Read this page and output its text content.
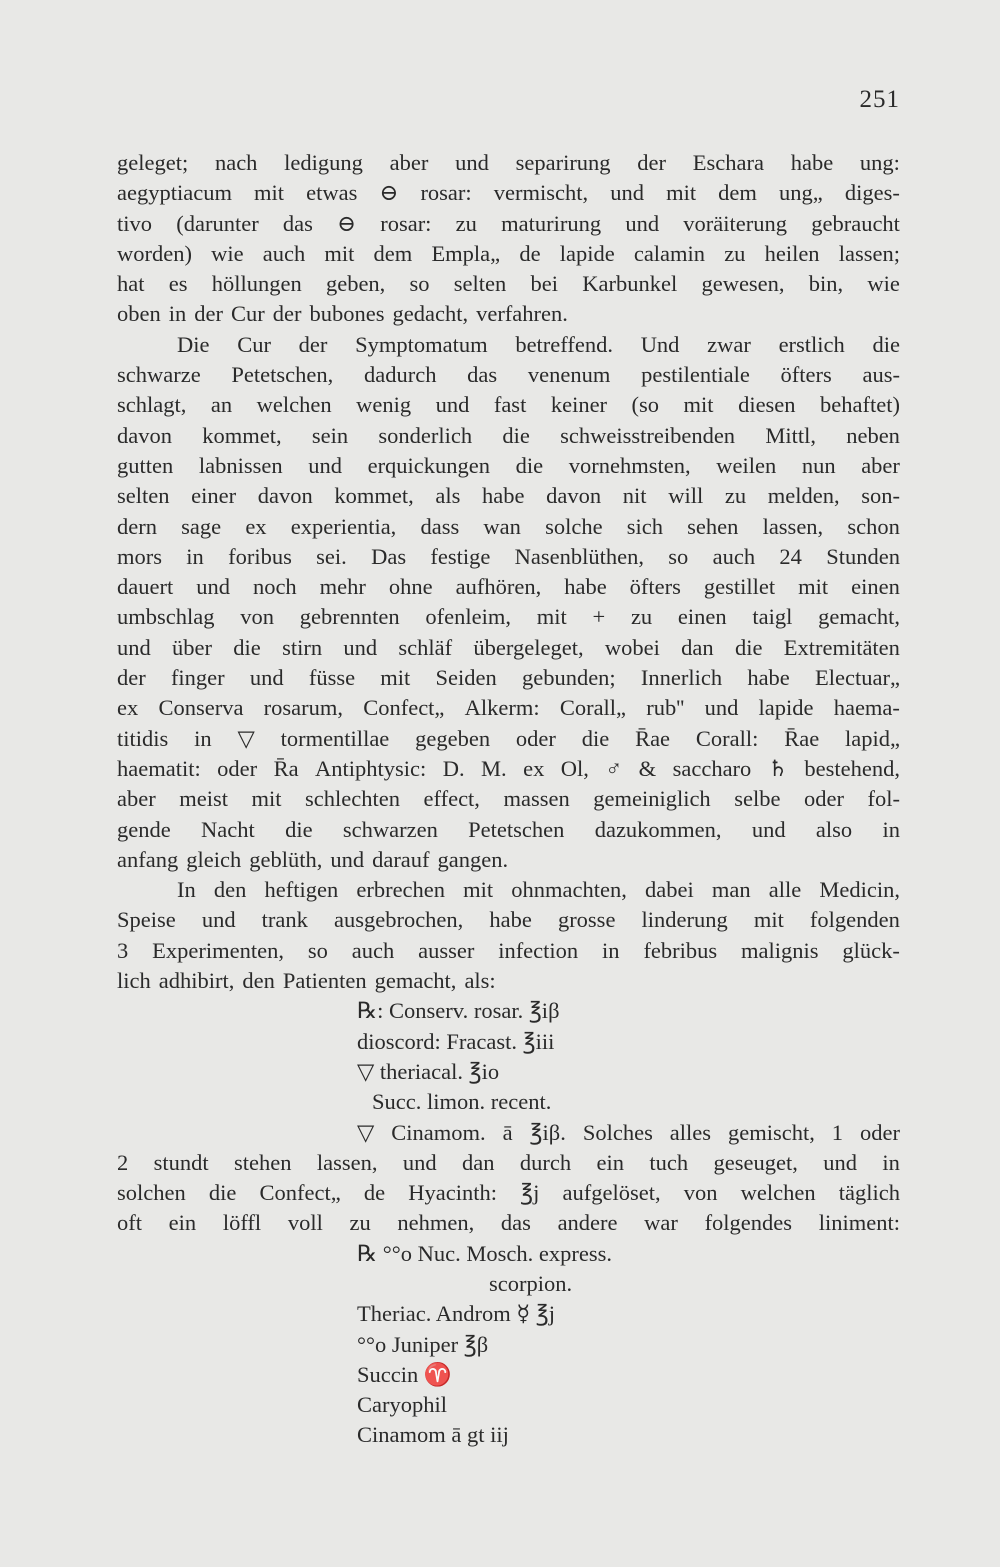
251
geleget; nach ledigung aber und separirung der Eschara habe ung:
aegyptiacum mit etwas ⊖ rosar: vermischt, und mit dem ung„ diges-
tivo (darunter das ⊖ rosar: zu maturirung und voräiterung gebraucht
worden) wie auch mit dem Empla„ de lapide calamin zu heilen lassen;
hat es höllungen geben, so selten bei Karbunkel gewesen, bin, wie
oben in der Cur der bubones gedacht, verfahren.
Die Cur der Symptomatum betreffend. Und zwar erstlich die
schwarze Petetschen, dadurch das venenum pestilentiale öfters aus-
schlagt, an welchen wenig und fast keiner (so mit diesen behaftet)
davon kommet, sein sonderlich die schweisstreibenden Mittl, neben
gutten labnissen und erquickungen die vornehmsten, weilen nun aber
selten einer davon kommet, als habe davon nit will zu melden, son-
dern sage ex experientia, dass wan solche sich sehen lassen, schon
mors in foribus sei. Das festige Nasenblüthen, so auch 24 Stunden
dauert und noch mehr ohne aufhören, habe öfters gestillet mit einen
umbschlag von gebrennten ofenleim, mit + zu einen taigl gemacht,
und über die stirn und schläf übergeleget, wobei dan die Extremitäten
der finger und füsse mit Seiden gebunden; Innerlich habe Electuar„
ex Conserva rosarum, Confect„ Alkerm: Corall„ rub'' und lapide haema-
titidis in ▽ tormentillae gegeben oder die R̄ae Corall: R̄ae lapid„
haematit: oder R̄a Antiphtysic: D. M. ex Ol, ♂ & saccharo ♄ bestehend,
aber meist mit schlechten effect, massen gemeiniglich selbe oder fol-
gende Nacht die schwarzen Petetschen dazukommen, und also in
anfang gleich geblüth, und darauf gangen.
In den heftigen erbrechen mit ohnmachten, dabei man alle Medicin,
Speise und trank ausgebrochen, habe grosse linderung mit folgenden
3 Experimenten, so auch ausser infection in febribus malignis glück-
lich adhibirt, den Patienten gemacht, als:
℞: Conserv. rosar. ℥iβ
dioscord: Fracast. ℥iii
▽ theriacal. ℥io
Succ. limon. recent.
▽ Cinamom. ā ℥iβ. Solches alles gemischt, 1 oder
2 stundt stehen lassen, und dan durch ein tuch geseuget, und in
solchen die Confect„ de Hyacinth: ℥j aufgelöset, von welchen täglich
oft ein löffl voll zu nehmen, das andere war folgendes liniment:
℞ °°o Nuc. Mosch. express.
scorpion.
Theriac. Androm ☿ ℥j
°°o Juniper ℥β
Succin ♈
Caryophil
Cinamom ā gt iij
